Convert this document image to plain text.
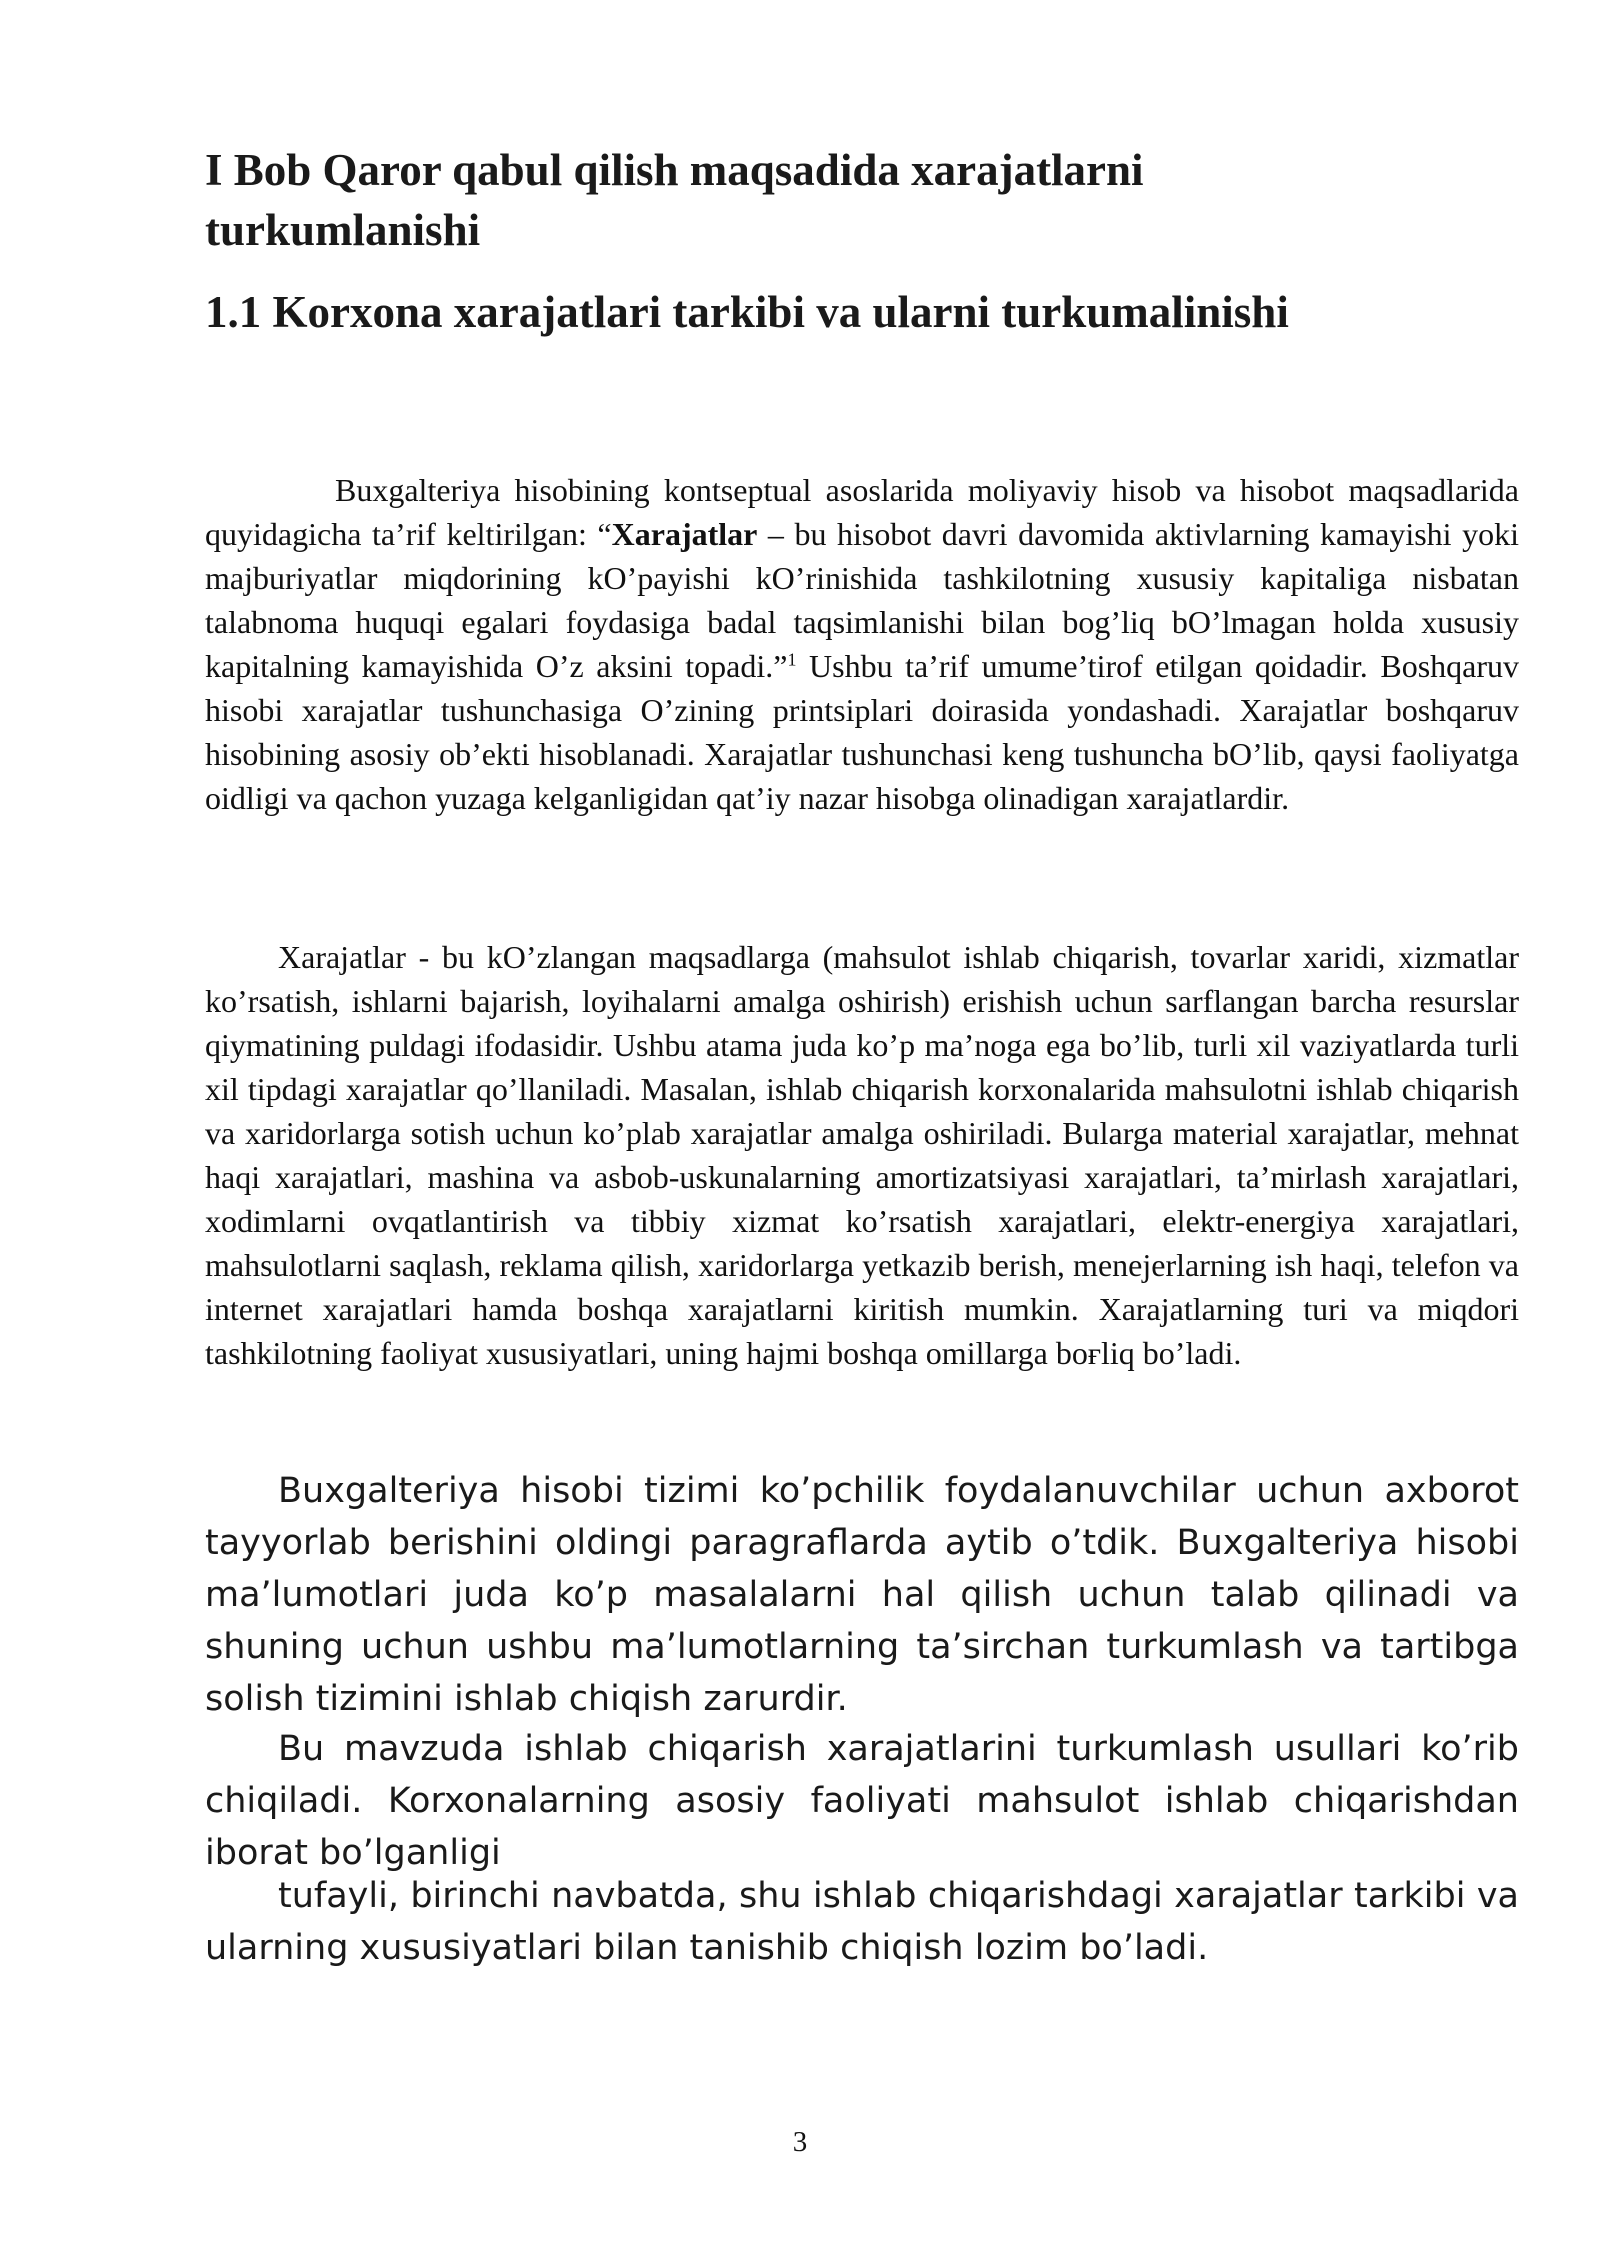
I Bob Qaror qabul qilish maqsadida xarajatlarni turkumlanishi
1.1 Korxona xarajatlari tarkibi va ularni turkumalinishi

Buxgalteriya hisobining kontseptual asoslarida moliyaviy hisob va hisobot maqsadlarida quyidagicha ta’rif keltirilgan: “Xarajatlar – bu hisobot davri davomida aktivlarning kamayishi yoki majburiyatlar miqdorining kO’payishi kO’rinishida tashkilotning xususiy kapitaliga nisbatan talabnoma huquqi egalari foydasiga badal taqsimlanishi bilan bog’liq bO’lmagan holda xususiy kapitalning kamayishida O’z aksini topadi.”$^1$ Ushbu ta’rif umume’tirof etilgan qoidadir. Boshqaruv hisobi xarajatlar tushunchasiga O’zining printsiplari doirasida yondashadi. Xarajatlar boshqaruv hisobining asosiy ob’ekti hisoblanadi. Xarajatlar tushunchasi keng tushuncha bO’lib, qaysi faoliyatga oidligi va qachon yuzaga kelganligidan qat’iy nazar hisobga olinadigan xarajatlardir.

Xarajatlar - bu kO’zlangan maqsadlarga (mahsulot ishlab chiqarish, tovarlar xaridi, xizmatlar ko’rsatish, ishlarni bajarish, loyihalarni amalga oshirish) erishish uchun sarflangan barcha resurslar qiymatining puldagi ifodasidir. Ushbu atama juda ko’p ma’noga ega bo’lib, turli xil vaziyatlarda turli xil tipdagi xarajatlar qo’llaniladi. Masalan, ishlab chiqarish korxonalarida mahsulotni ishlab chiqarish va xaridorlarga sotish uchun ko’plab xarajatlar amalga oshiriladi. Bularga material xarajatlar, mehnat haqi xarajatlari, mashina va asbob-uskunalarning amortizatsiyasi xarajatlari, ta’mirlash xarajatlari, xodimlarni ovqatlantirish va tibbiy xizmat ko’rsatish xarajatlari, elektr-energiya xarajatlari, mahsulotlarni saqlash, reklama qilish, xaridorlarga yetkazib berish, menejerlarning ish haqi, telefon va internet xarajatlari hamda boshqa xarajatlarni kiritish mumkin. Xarajatlarning turi va miqdori tashkilotning faoliyat xususiyatlari, uning hajmi boshqa omillarga boғliq bo’ladi.

Buxgalteriya hisobi tizimi ko’pchilik foydalanuvchilar uchun axborot tayyorlab berishini oldingi paragraflarda aytib o’tdik. Buxgalteriya hisobi ma’lumotlari juda ko’p masalalarni hal qilish uchun talab qilinadi va shuning uchun ushbu ma’lumotlarning ta’sirchan turkumlash va tartibga solish tizimini ishlab chiqish zarurdir.

Bu mavzuda ishlab chiqarish xarajatlarini turkumlash usullari ko’rib chiqiladi. Korxonalarning asosiy faoliyati mahsulot ishlab chiqarishdan iborat bo’lganligi

tufayli, birinchi navbatda, shu ishlab chiqarishdagi xarajatlar tarkibi va ularning xususiyatlari bilan tanishib chiqish lozim bo’ladi.

3
